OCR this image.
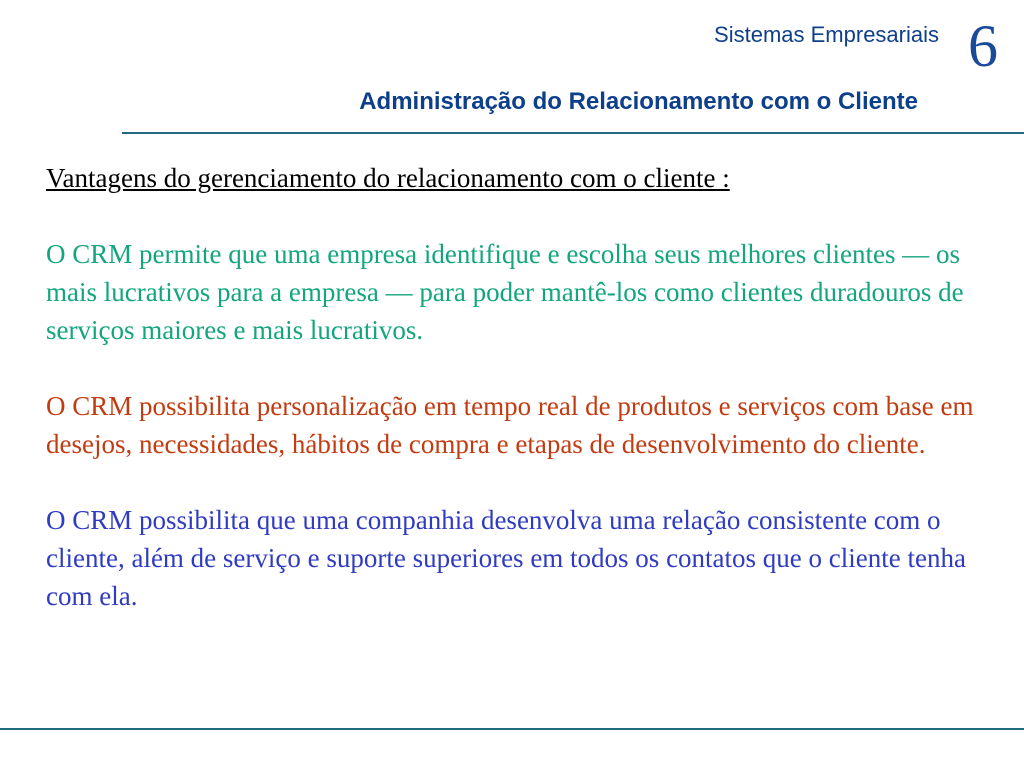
Sistemas Empresariais 6
Administração do Relacionamento com o Cliente

Vantagens do gerenciamento do relacionamento com o cliente :

O CRM permite que uma empresa identifique e escolha seus melhores clientes — os mais lucrativos para a empresa — para poder mantê-los como clientes duradouros de serviços maiores e mais lucrativos.

O CRM possibilita personalização em tempo real de produtos e serviços com base em desejos, necessidades, hábitos de compra e etapas de desenvolvimento do cliente.

O CRM possibilita que uma companhia desenvolva uma relação consistente com o cliente, além de serviço e suporte superiores em todos os contatos que o cliente tenha com ela.
